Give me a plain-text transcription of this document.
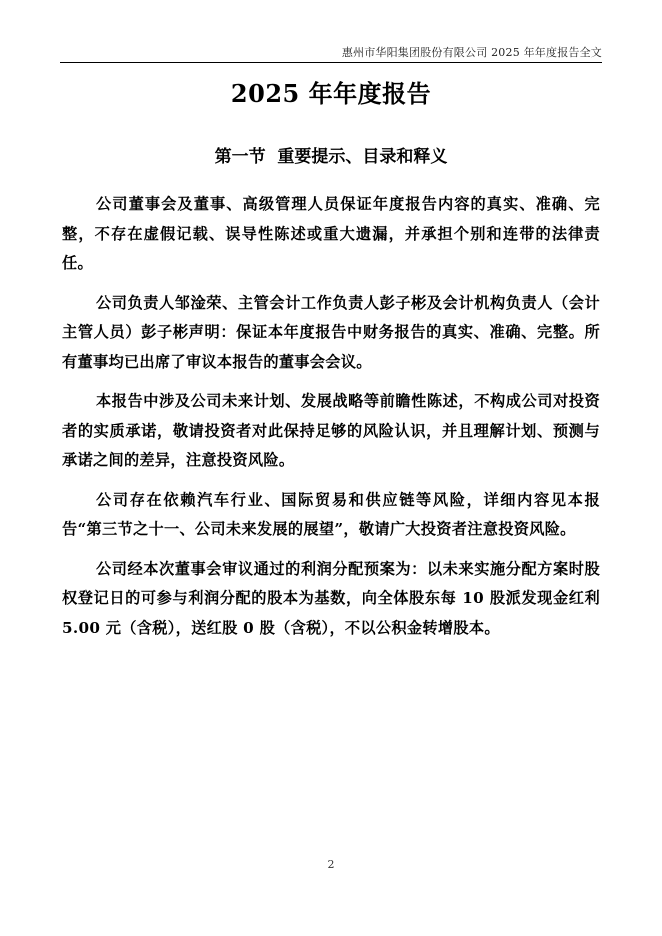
惠州市华阳集团股份有限公司 2025 年年度报告全文
2025 年年度报告
第一节  重要提示、目录和释义

公司董事会及董事、高级管理人员保证年度报告内容的真实、准确、完整，不存在虚假记载、误导性陈述或重大遗漏，并承担个别和连带的法律责任。

公司负责人邹淦荣、主管会计工作负责人彭子彬及会计机构负责人（会计主管人员）彭子彬声明：保证本年度报告中财务报告的真实、准确、完整。所有董事均已出席了审议本报告的董事会会议。

本报告中涉及公司未来计划、发展战略等前瞻性陈述，不构成公司对投资者的实质承诺，敬请投资者对此保持足够的风险认识，并且理解计划、预测与承诺之间的差异，注意投资风险。

公司存在依赖汽车行业、国际贸易和供应链等风险，详细内容见本报告“第三节之十一、公司未来发展的展望”，敬请广大投资者注意投资风险。

公司经本次董事会审议通过的利润分配预案为：以未来实施分配方案时股权登记日的可参与利润分配的股本为基数，向全体股东每 10 股派发现金红利 5.00 元（含税），送红股 0 股（含税），不以公积金转增股本。

2
